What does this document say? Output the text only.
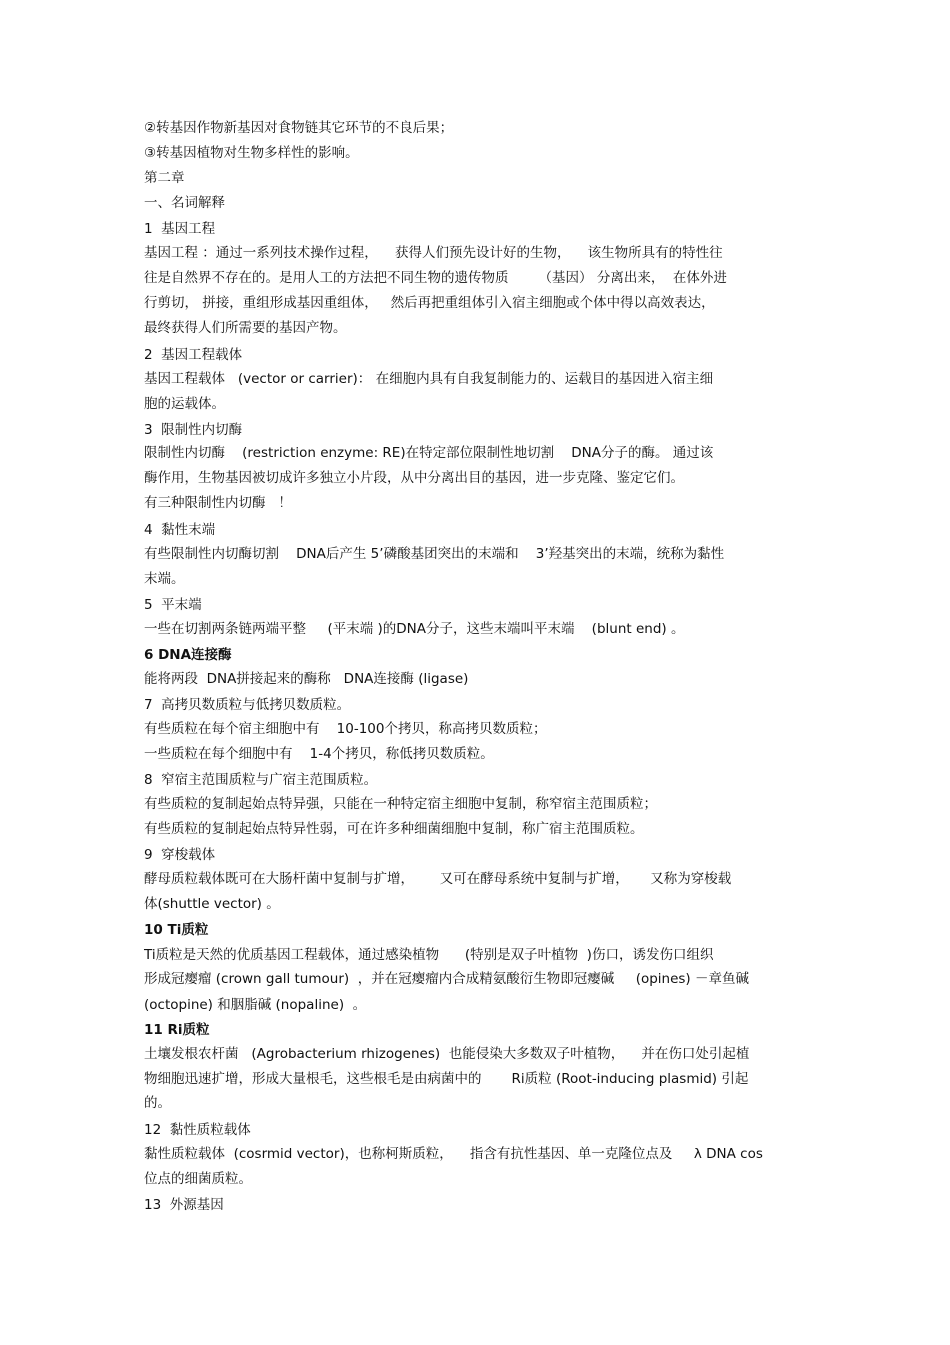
②转基因作物新基因对食物链其它环节的不良后果；
③转基因植物对生物多样性的影响。
第二章
一、名词解释
1  基因工程
基因工程 ：通过一系列技术操作过程，    获得人们预先设计好的生物，    该生物所具有的特性往
往是自然界不存在的。是用人工的方法把不同生物的遗传物质       （基因） 分离出来，  在体外进
行剪切， 拼接，重组形成基因重组体，   然后再把重组体引入宿主细胞或个体中得以高效表达，
最终获得人们所需要的基因产物。
2  基因工程载体
基因工程载体   (vector or carrier)： 在细胞内具有自我复制能力的、运载目的基因进入宿主细
胞的运载体。
3  限制性内切酶
限制性内切酶    (restriction enzyme: RE)在特定部位限制性地切割    DNA分子的酶。 通过该
酶作用，生物基因被切成许多独立小片段，从中分离出目的基因，进一步克隆、鉴定它们。
有三种限制性内切酶   ！
4  黏性末端
有些限制性内切酶切割    DNA后产生 5’磷酸基团突出的末端和    3’羟基突出的末端，统称为黏性
末端。
5  平末端
一些在切割两条链两端平整     (平末端 )的DNA分子，这些末端叫平末端    (blunt end) 。
6 DNA连接酶
能将两段  DNA拼接起来的酶称   DNA连接酶 (ligase)
7  高拷贝数质粒与低拷贝数质粒。
有些质粒在每个宿主细胞中有    10-100个拷贝，称高拷贝数质粒；
一些质粒在每个细胞中有    1-4个拷贝，称低拷贝数质粒。
8  窄宿主范围质粒与广宿主范围质粒。
有些质粒的复制起始点特异强，只能在一种特定宿主细胞中复制，称窄宿主范围质粒；
有些质粒的复制起始点特异性弱，可在许多种细菌细胞中复制，称广宿主范围质粒。
9  穿梭载体
酵母质粒载体既可在大肠杆菌中复制与扩增，      又可在酵母系统中复制与扩增，     又称为穿梭载
体(shuttle vector) 。
10 Ti质粒
Ti质粒是天然的优质基因工程载体，通过感染植物      (特别是双子叶植物  )伤口，诱发伤口组织
形成冠瘿瘤 (crown gall tumour)  ，并在冠瘿瘤内合成精氨酸衍生物即冠瘿碱     (opines) －章鱼碱
(octopine) 和胭脂碱 (nopaline)  。
11 Ri质粒
土壤发根农杆菌   (Agrobacterium rhizogenes)  也能侵染大多数双子叶植物，    并在伤口处引起植
物细胞迅速扩增，形成大量根毛，这些根毛是由病菌中的       Ri质粒 (Root-inducing plasmid) 引起
的。
12  黏性质粒载体
黏性质粒载体  (cosrmid vector)，也称柯斯质粒，    指含有抗性基因、单一克隆位点及     λ DNA cos
位点的细菌质粒。
13  外源基因
